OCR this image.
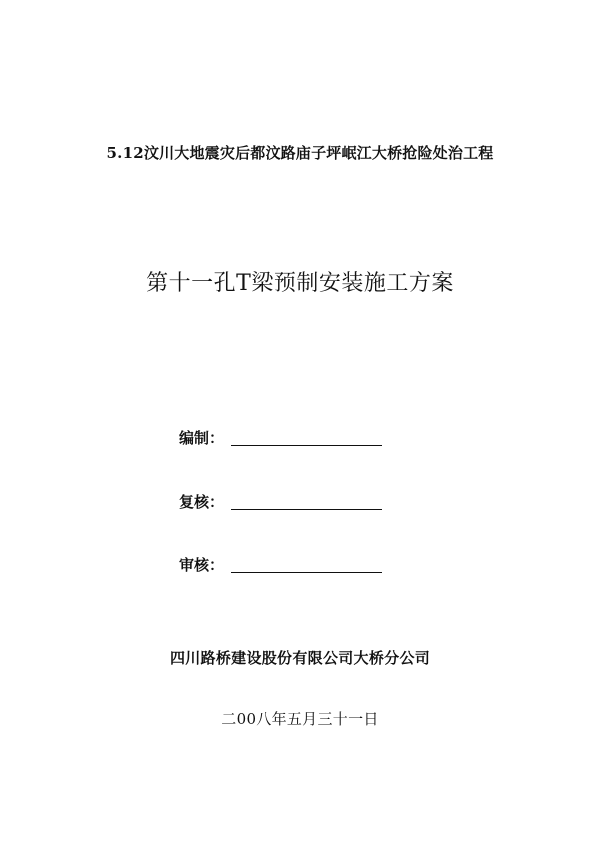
5.12汶川大地震灾后都汶路庙子坪岷江大桥抢险处治工程
第十一孔T梁预制安装施工方案
编制：
复核：
审核：
四川路桥建设股份有限公司大桥分公司
二00八年五月三十一日
